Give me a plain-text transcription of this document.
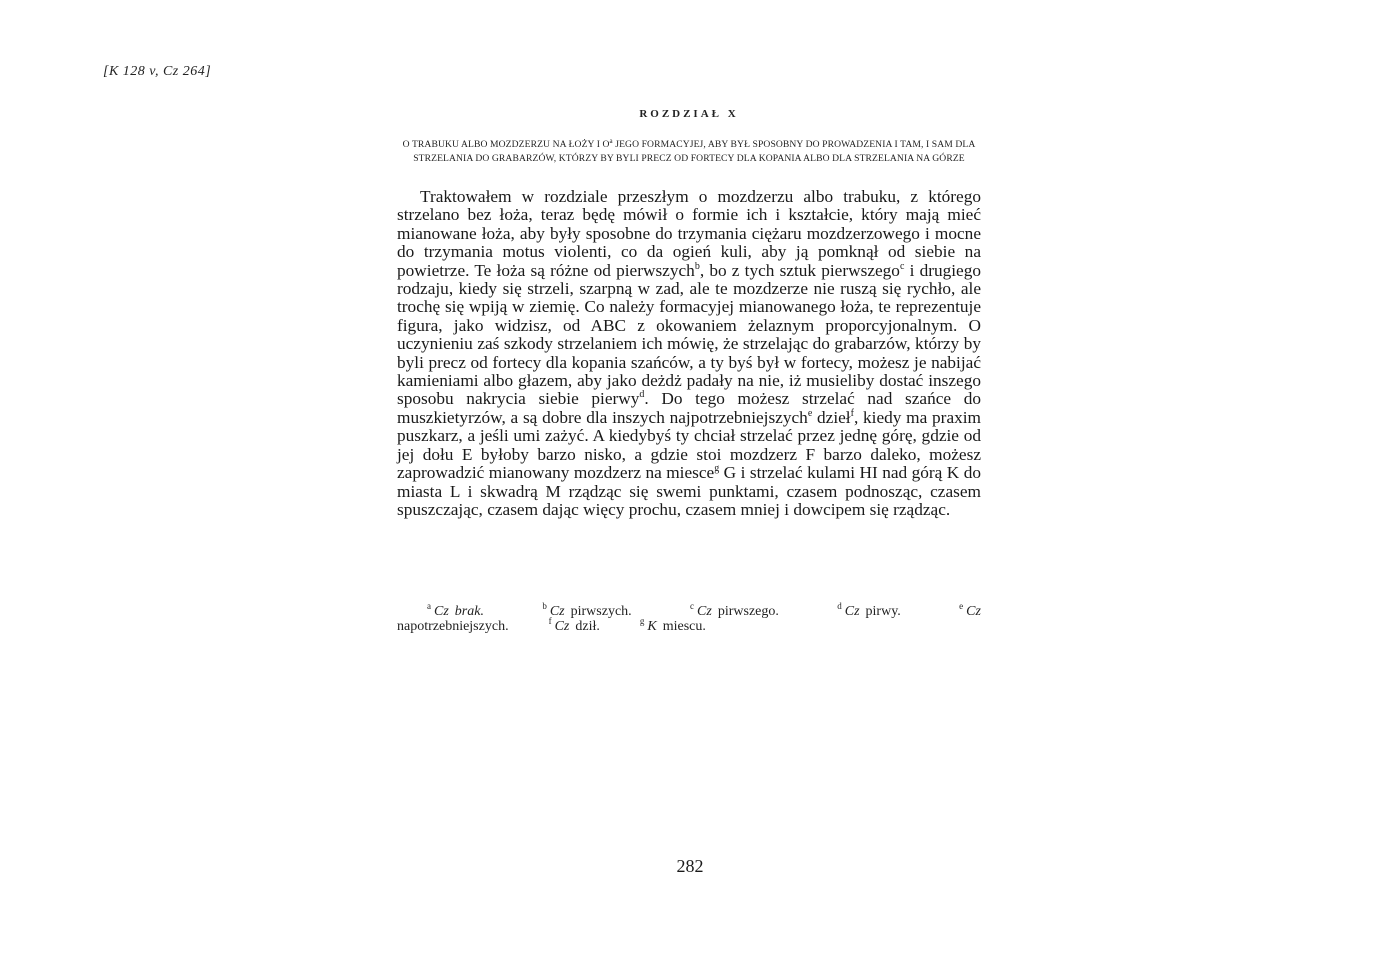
[K 128 v, Cz 264]
ROZDZIAŁ X
O TRABUKU ALBO MOZDZERZU NA ŁOŻY I $O^a$ JEGO FORMACYJEJ, ABY BYŁ SPOSOBNY DO PROWADZENIA I TAM, I SAM DLA STRZELANIA DO GRABARZÓW, KTÓRZY BY BYLI PRECZ OD FORTECY DLA KOPANIA ALBO DLA STRZELANIA NA GÓRZE
Traktowałem w rozdziale przeszłym o mozdzerzu albo trabuku, z którego strzelano bez łoża, teraz będę mówił o formie ich i kształcie, który mają mieć mianowane łoża, aby były sposobne do trzymania ciężaru mozdzerzowego i mocne do trzymania motus violenti, co da ogień kuli, aby ją pomknął od siebie na powietrze. Te łoża są różne od pierwszych$^b$, bo z tych sztuk pierwszego$^c$ i drugiego rodzaju, kiedy się strzeli, szarpną w zad, ale te mozdzerze nie ruszą się rychło, ale trochę się wpiją w ziemię. Co należy formacyjej mianowanego łoża, te reprezentuje figura, jako widzisz, od ABC z okowaniem żelaznym proporcyjonalnym. O uczynieniu zaś szkody strzelaniem ich mówię, że strzelając do grabarzów, którzy by byli precz od fortecy dla kopania szańców, a ty byś był w fortecy, możesz je nabijać kamieniami albo głazem, aby jako deżdż padały na nie, iż musieliby dostać inszego sposobu nakrycia siebie pierwy$^d$. Do tego możesz strzelać nad szańce do muszkietyrzów, a są dobre dla inszych najpotrzebniejszych$^e$ dzieł$^f$, kiedy ma praxim puszkarz, a jeśli umi zażyć. A kiedybyś ty chciał strzelać przez jednę górę, gdzie od jej dołu E byłoby barzo nisko, a gdzie stoi mozdzerz F barzo daleko, możesz zaprowadzić mianowany mozdzerz na miesce$^g$ G i strzelać kulami HI nad górą K do miasta L i skwadrą M rządząc się swemi punktami, czasem podnosząc, czasem spuszczając, czasem dając więcy prochu, czasem mniej i dowcipem się rządząc.
$^a$ Cz brak.	$^b$ Cz pirwszych.	$^c$ Cz pirwszego.	$^d$ Cz pirwy.	$^e$ Cz
napotrzebniejszych.	$^f$ Cz dził.	$^g$ K miescu.
282
